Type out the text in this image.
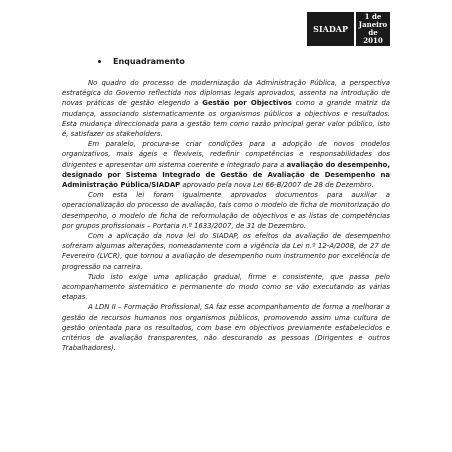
SIADAP
1 de
Janeiro de
2010
Enquadramento

No quadro do processo de modernização da Administração Pública, a perspectiva estratégica do Governo reflectida nos diplomas legais aprovados, assenta na introdução de novas práticas de gestão elegendo a Gestão por Objectivos como a grande matriz da mudança, associando sistematicamente os organismos públicos a objectivos e resultados. Esta mudança direccionada para a gestão tem como razão principal gerar valor público, isto é, satisfazer os stakeholders.

Em paralelo, procura-se criar condições para a adopção de novos modelos organizativos, mais ágeis e flexíveis, redefinir competências e responsabilidades dos dirigentes e apresentar um sistema coerente e integrado para a avaliação do desempenho, designado por Sistema Integrado de Gestão de Avaliação de Desempenho na Administração Pública/SIADAP aprovado pela nova Lei 66-B/2007 de 28 de Dezembro.

Com esta lei foram igualmente aprovados documentos para auxiliar a operacionalização do processo de avaliação, tais como o modelo de ficha de monitorização do desempenho, o modelo de ficha de reformulação de objectivos e as listas de competências por grupos profissionais – Portaria n.º 1633/2007, de 31 de Dezembro.

Com a aplicação da nova lei do SIADAP, os efeitos da avaliação de desempenho sofreram algumas alterações, nomeadamente com a vigência da Lei n.º 12-A/2008, de 27 de Fevereiro (LVCR), que tornou a avaliação de desempenho num instrumento por excelência de progressão na carreira.

Tudo isto exige uma aplicação gradual, firme e consistente, que passa pelo acompanhamento sistemático e permanente do modo como se vão executando as várias etapas.

A LDN II – Formação Profissional, SA faz esse acompanhamento de forma a melhorar a gestão de recursos humanos nos organismos públicos, promovendo assim uma cultura de gestão orientada para os resultados, com base em objectivos previamente estabelecidos e critérios de avaliação transparentes, não descurando as pessoas (Dirigentes e outros Trabalhadores).
